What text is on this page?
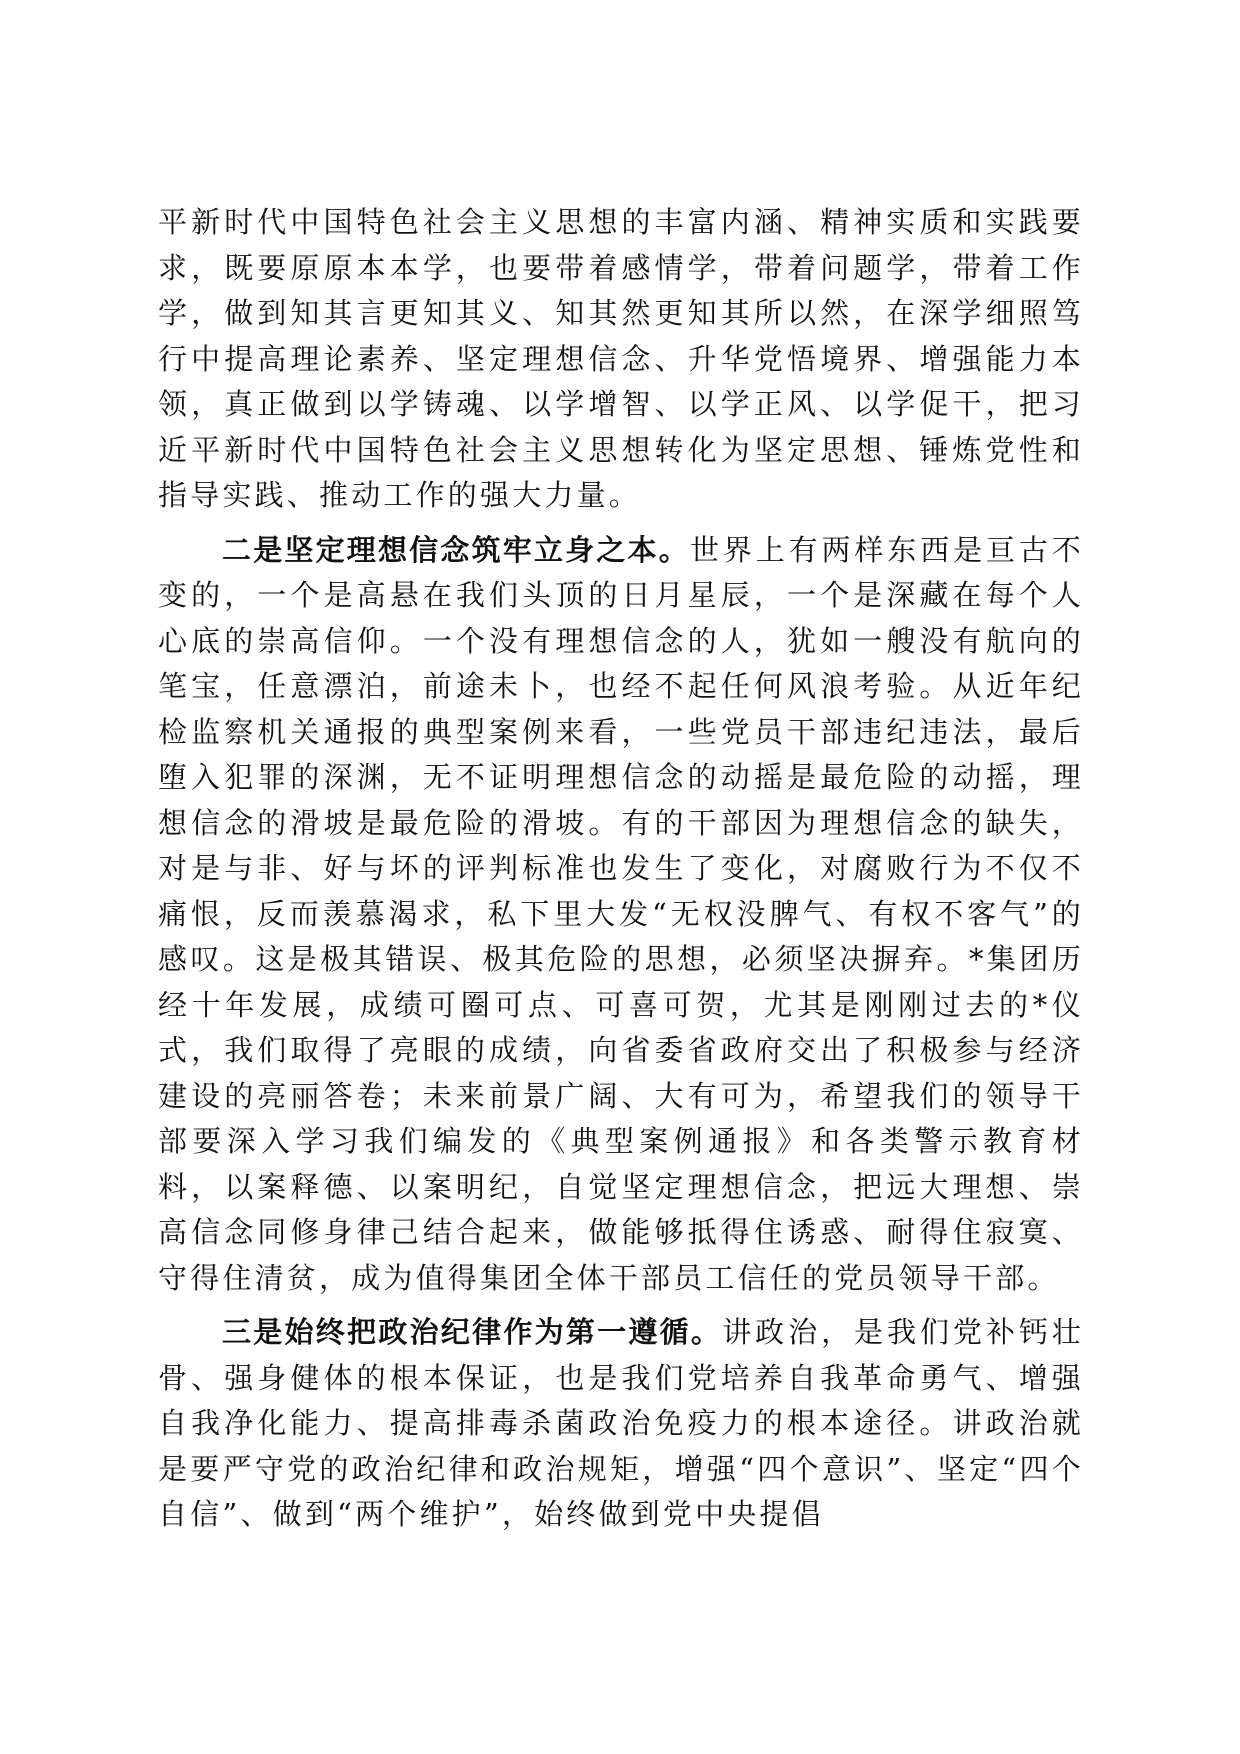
平新时代中国特色社会主义思想的丰富内涵、精神实质和实践要求，既要原原本本学，也要带着感情学，带着问题学，带着工作学，做到知其言更知其义、知其然更知其所以然，在深学细照笃行中提高理论素养、坚定理想信念、升华党悟境界、增强能力本领，真正做到以学铸魂、以学增智、以学正风、以学促干，把习近平新时代中国特色社会主义思想转化为坚定思想、锤炼党性和指导实践、推动工作的强大力量。

二是坚定理想信念筑牢立身之本。世界上有两样东西是亘古不变的，一个是高悬在我们头顶的日月星辰，一个是深藏在每个人心底的崇高信仰。一个没有理想信念的人，犹如一艘没有航向的笔宝，任意漂泊，前途未卜，也经不起任何风浪考验。从近年纪检监察机关通报的典型案例来看，一些党员干部违纪违法，最后堕入犯罪的深渊，无不证明理想信念的动摇是最危险的动摇，理想信念的滑坡是最危险的滑坡。有的干部因为理想信念的缺失，对是与非、好与坏的评判标准也发生了变化，对腐败行为不仅不痛恨，反而羡慕渴求，私下里大发“无权没脾气、有权不客气”的感叹。这是极其错误、极其危险的思想，必须坚决摒弃。*集团历经十年发展，成绩可圈可点、可喜可贺，尤其是刚刚过去的*仪式，我们取得了亮眼的成绩，向省委省政府交出了积极参与经济建设的亮丽答卷；未来前景广阔、大有可为，希望我们的领导干部要深入学习我们编发的《典型案例通报》和各类警示教育材料，以案释德、以案明纪，自觉坚定理想信念，把远大理想、崇高信念同修身律己结合起来，做能够抵得住诱惑、耐得住寂寞、守得住清贫，成为值得集团全体干部员工信任的党员领导干部。

三是始终把政治纪律作为第一遵循。讲政治，是我们党补钙壮骨、强身健体的根本保证，也是我们党培养自我革命勇气、增强自我净化能力、提高排毒杀菌政治免疫力的根本途径。讲政治就是要严守党的政治纪律和政治规矩，增强“四个意识”、坚定“四个自信”、做到“两个维护”，始终做到党中央提倡
